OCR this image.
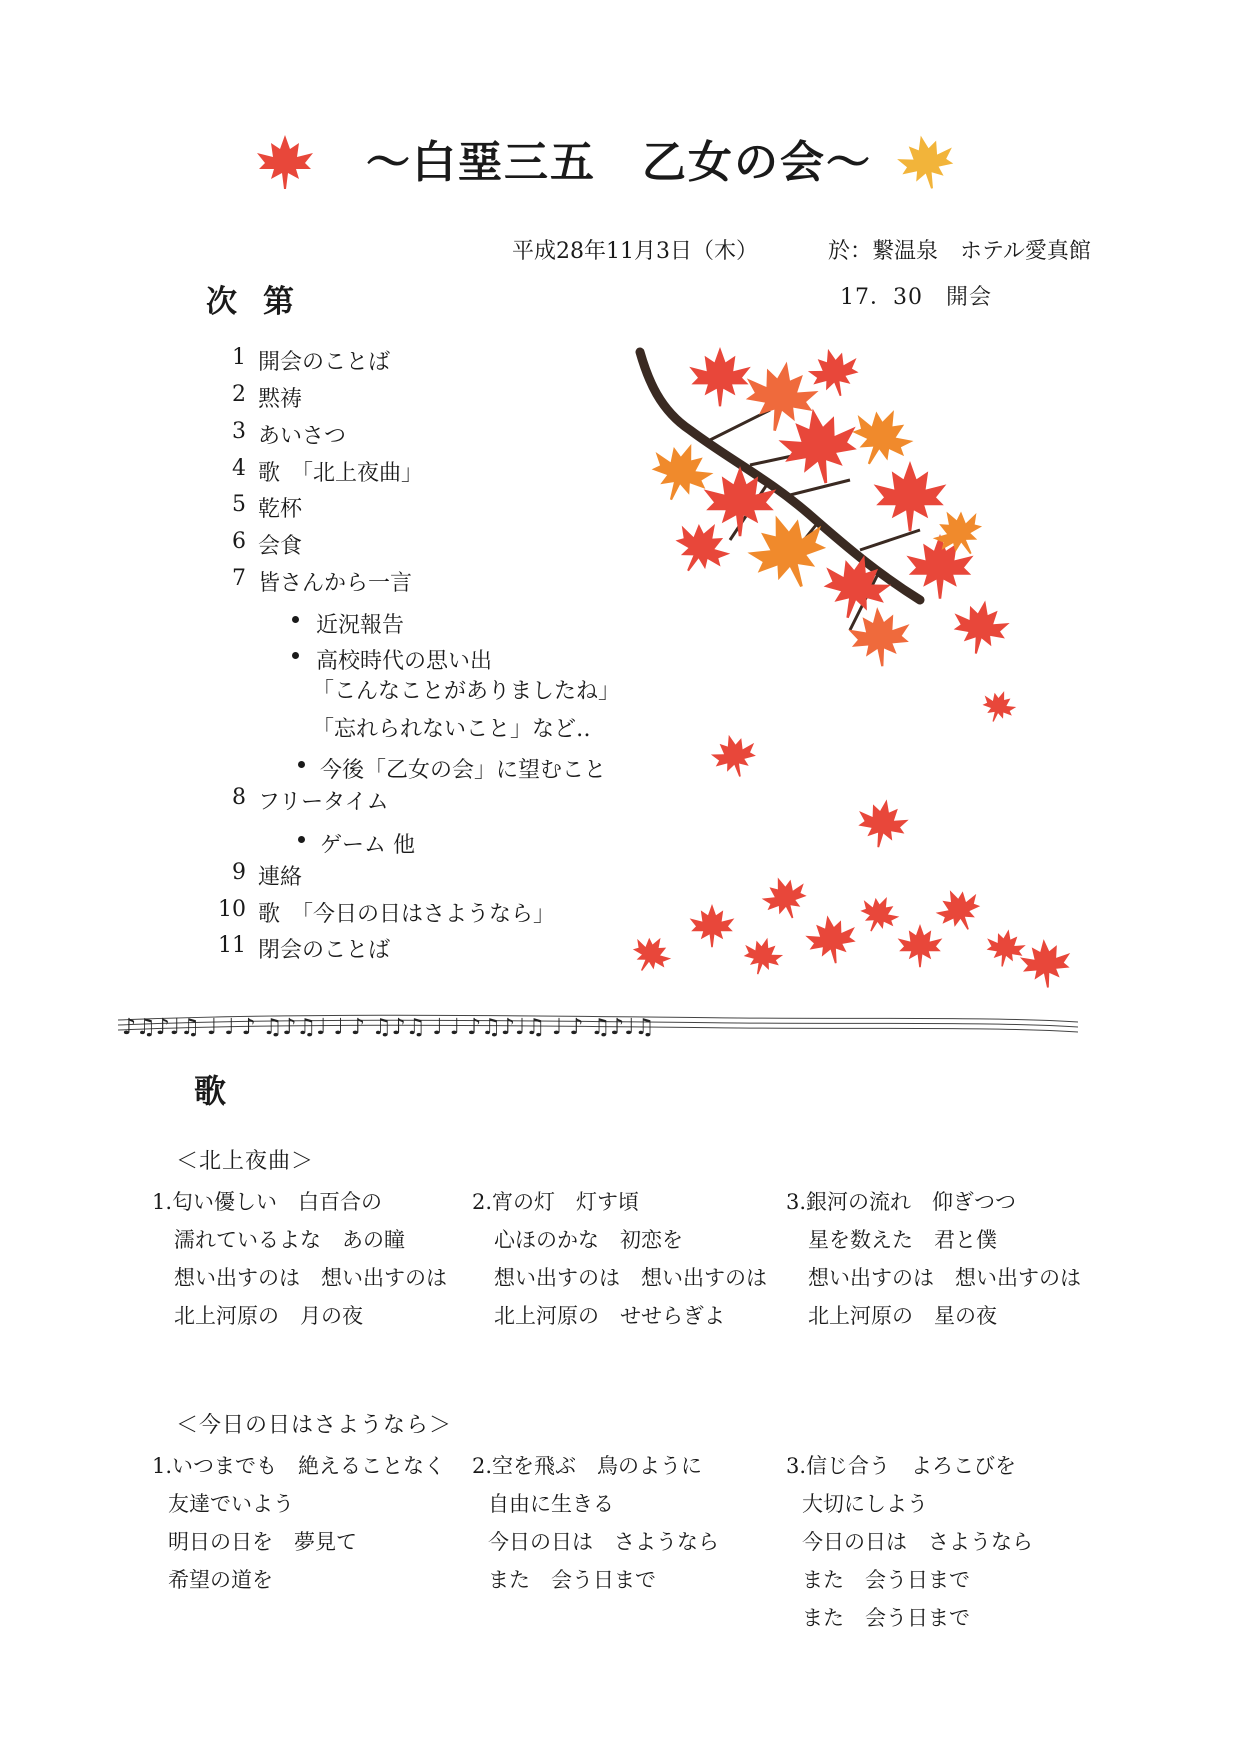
〜白堊三五　乙女の会〜
平成28年11月3日（木）	於：繋温泉　ホテル愛真館
17．30　開会
次第
1 開会のことば
2 黙祷
3 あいさつ
4 歌　「北上夜曲」
5 乾杯
6 会食
7 皆さんから一言
近況報告
高校時代の思い出
「こんなことがありましたね」
「忘れられないこと」など‥
今後「乙女の会」に望むこと
8 フリータイム
ゲーム 他
9 連絡
10 歌　「今日の日はさようなら」
11 閉会のことば
♪♫♪♩♫ ♩ ♩ ♪ ♫♪♫♩ ♩ ♪ ♫♪♫ ♩ ♩ ♪♫♪♩♫ ♩ ♪ ♫♪♩♫
歌
＜北上夜曲＞
1.匂い優しい　白百合の
濡れているよな　あの瞳
想い出すのは　想い出すのは
北上河原の　月の夜
2.宵の灯　灯す頃
心ほのかな　初恋を
想い出すのは　想い出すのは
北上河原の　せせらぎよ
3.銀河の流れ　仰ぎつつ
星を数えた　君と僕
想い出すのは　想い出すのは
北上河原の　星の夜
＜今日の日はさようなら＞
1.いつまでも　絶えることなく
友達でいよう
明日の日を　夢見て
希望の道を
2.空を飛ぶ　鳥のように
自由に生きる
今日の日は　さようなら
また　会う日まで
3.信じ合う　よろこびを
大切にしよう
今日の日は　さようなら
また　会う日まで
また　会う日まで
